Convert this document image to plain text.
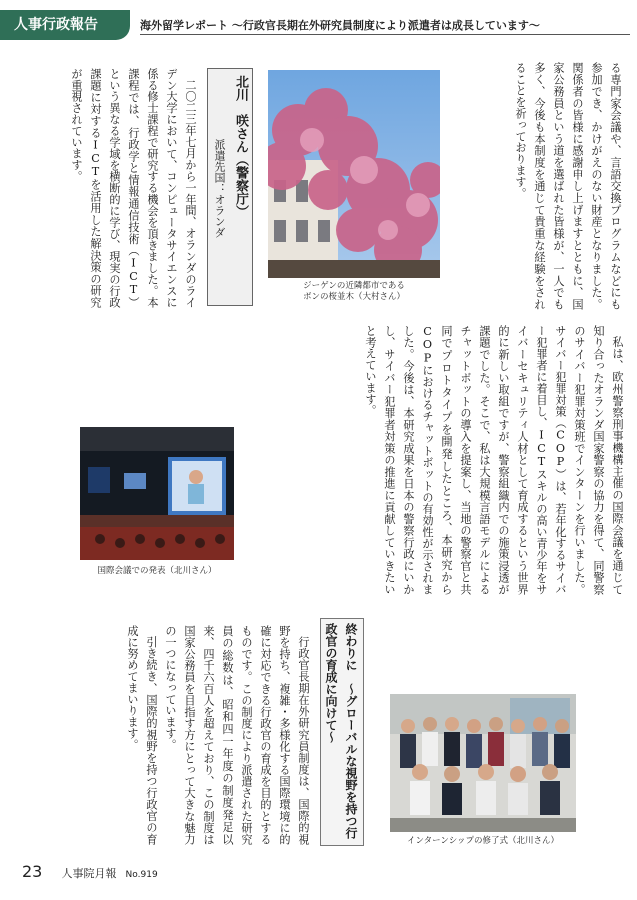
人事行政報告	海外留学レポート 〜行政官長期在外研究員制度により派遣者は成長しています〜

る専門家会議や、言語交換プログラムなどにも参加でき、かけがえのない財産となりました。関係者の皆様に感謝申し上げますとともに、国家公務員という道を選ばれた皆様が、一人でも多く、今後も本制度を通じて貴重な経験をされることを祈っております。

ジーゲンの近隣都市である
ボンの桜並木（大村さん）
北川　咲さん（警察庁）
派遣先国：オランダ

二〇二三年七月から一年間、オランダのライデン大学において、コンピュータサイエンスに係る修士課程で研究する機会を頂きました。本課程では、行政学と情報通信技術（ICT）という異なる学域を横断的に学び、現実の行政課題に対するICTを活用した解決策の研究が重視されています。

私は、欧州警察刑事機構主催の国際会議を通じて知り合ったオランダ国家警察の協力を得て、同警察のサイバー犯罪対策班でインターンを行いました。サイバー犯罪対策（COP）は、若年化するサイバー犯罪者に着目し、ICTスキルの高い青少年をサイバーセキュリティ人材として育成するという世界的に新しい取組ですが、警察組織内での施策浸透が課題でした。そこで、私は大規模言語モデルによるチャットボットの導入を提案し、当地の警察官と共同でプロトタイプを開発したところ、本研究からCOPにおけるチャットボットの有効性が示されました。今後は、本研究成果を日本の警察行政にいかし、サイバー犯罪者対策の推進に貢献していきたいと考えています。

国際会議での発表（北川さん）
終わりに　〜グローバルな視野を持つ行政官の育成に向けて〜

行政官長期在外研究員制度は、国際的視野を持ち、複雑・多様化する国際環境に的確に対応できる行政官の育成を目的とするものです。この制度により派遣された研究員の総数は、昭和四一年度の制度発足以来、四千六百人を超えており、この制度は国家公務員を目指す方にとって大きな魅力の一つになっています。

引き続き、国際的視野を持つ行政官の育成に努めてまいります。

インターンシップの修了式（北川さん）
23 人事院月報 No.919
